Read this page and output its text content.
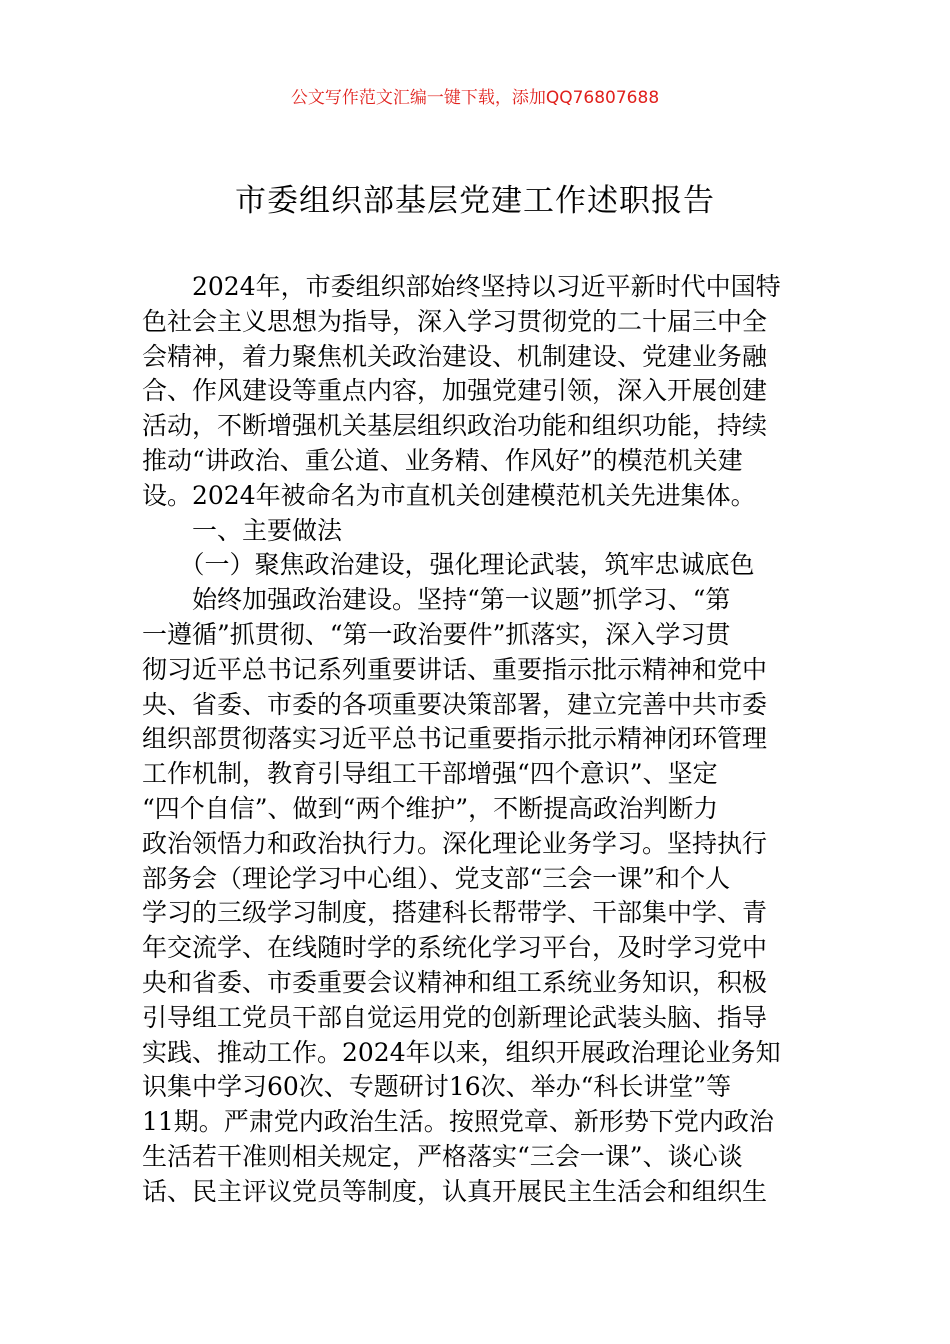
公文写作范文汇编一键下载，添加QQ76807688
市委组织部基层党建工作述职报告
　　2024年，市委组织部始终坚持以习近平新时代中国特
色社会主义思想为指导，深入学习贯彻党的二十届三中全
会精神，着力聚焦机关政治建设、机制建设、党建业务融
合、作风建设等重点内容，加强党建引领，深入开展创建
活动，不断增强机关基层组织政治功能和组织功能，持续
推动“讲政治、重公道、业务精、作风好”的模范机关建
设。2024年被命名为市直机关创建模范机关先进集体。
　　一、主要做法
　　（一）聚焦政治建设，强化理论武装，筑牢忠诚底色
　　始终加强政治建设。坚持“第一议题”抓学习、“第
一遵循”抓贯彻、“第一政治要件”抓落实，深入学习贯
彻习近平总书记系列重要讲话、重要指示批示精神和党中
央、省委、市委的各项重要决策部署，建立完善中共市委
组织部贯彻落实习近平总书记重要指示批示精神闭环管理
工作机制，教育引导组工干部增强“四个意识”、坚定
“四个自信”、做到“两个维护”，不断提高政治判断力
政治领悟力和政治执行力。深化理论业务学习。坚持执行
部务会（理论学习中心组）、党支部“三会一课”和个人
学习的三级学习制度，搭建科长帮带学、干部集中学、青
年交流学、在线随时学的系统化学习平台，及时学习党中
央和省委、市委重要会议精神和组工系统业务知识，积极
引导组工党员干部自觉运用党的创新理论武装头脑、指导
实践、推动工作。2024年以来，组织开展政治理论业务知
识集中学习60次、专题研讨16次、举办“科长讲堂”等
11期。严肃党内政治生活。按照党章、新形势下党内政治
生活若干准则相关规定，严格落实“三会一课”、谈心谈
话、民主评议党员等制度，认真开展民主生活会和组织生
